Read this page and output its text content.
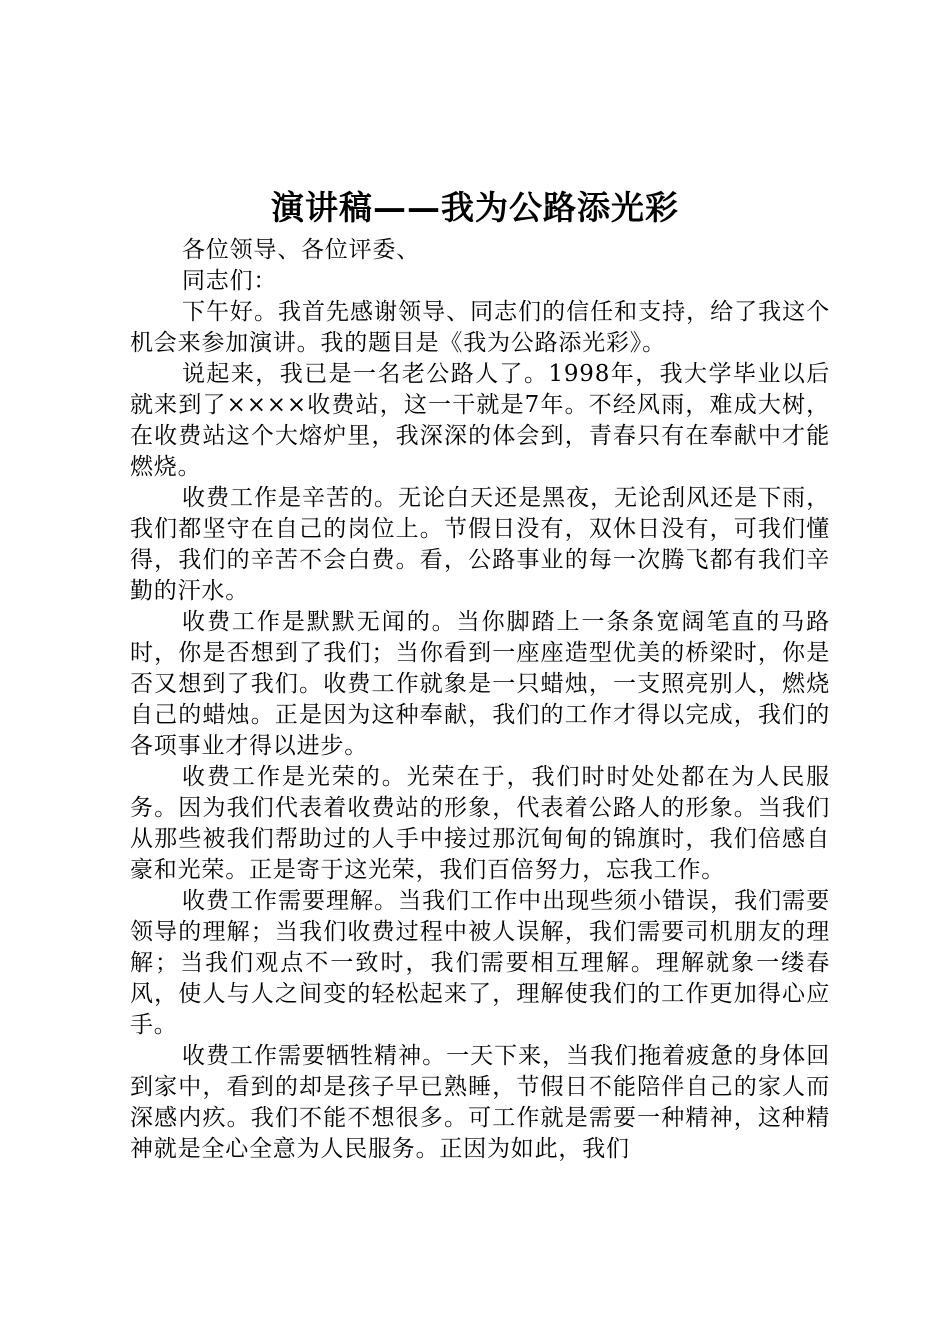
演讲稿——我为公路添光彩

各位领导、各位评委、

同志们：

下午好。我首先感谢领导、同志们的信任和支持，给了我这个机会来参加演讲。我的题目是《我为公路添光彩》。

说起来，我已是一名老公路人了。1998年，我大学毕业以后就来到了××××收费站，这一干就是7年。不经风雨，难成大树，在收费站这个大熔炉里，我深深的体会到，青春只有在奉献中才能燃烧。

收费工作是辛苦的。无论白天还是黑夜，无论刮风还是下雨，我们都坚守在自己的岗位上。节假日没有，双休日没有，可我们懂得，我们的辛苦不会白费。看，公路事业的每一次腾飞都有我们辛勤的汗水。

收费工作是默默无闻的。当你脚踏上一条条宽阔笔直的马路时，你是否想到了我们；当你看到一座座造型优美的桥梁时，你是否又想到了我们。收费工作就象是一只蜡烛，一支照亮别人，燃烧自己的蜡烛。正是因为这种奉献，我们的工作才得以完成，我们的各项事业才得以进步。

收费工作是光荣的。光荣在于，我们时时处处都在为人民服务。因为我们代表着收费站的形象，代表着公路人的形象。当我们从那些被我们帮助过的人手中接过那沉甸甸的锦旗时，我们倍感自豪和光荣。正是寄于这光荣，我们百倍努力，忘我工作。

收费工作需要理解。当我们工作中出现些须小错误，我们需要领导的理解；当我们收费过程中被人误解，我们需要司机朋友的理解；当我们观点不一致时，我们需要相互理解。理解就象一缕春风，使人与人之间变的轻松起来了，理解使我们的工作更加得心应手。

收费工作需要牺牲精神。一天下来，当我们拖着疲惫的身体回到家中，看到的却是孩子早已熟睡，节假日不能陪伴自己的家人而深感内疚。我们不能不想很多。可工作就是需要一种精神，这种精神就是全心全意为人民服务。正因为如此，我们
